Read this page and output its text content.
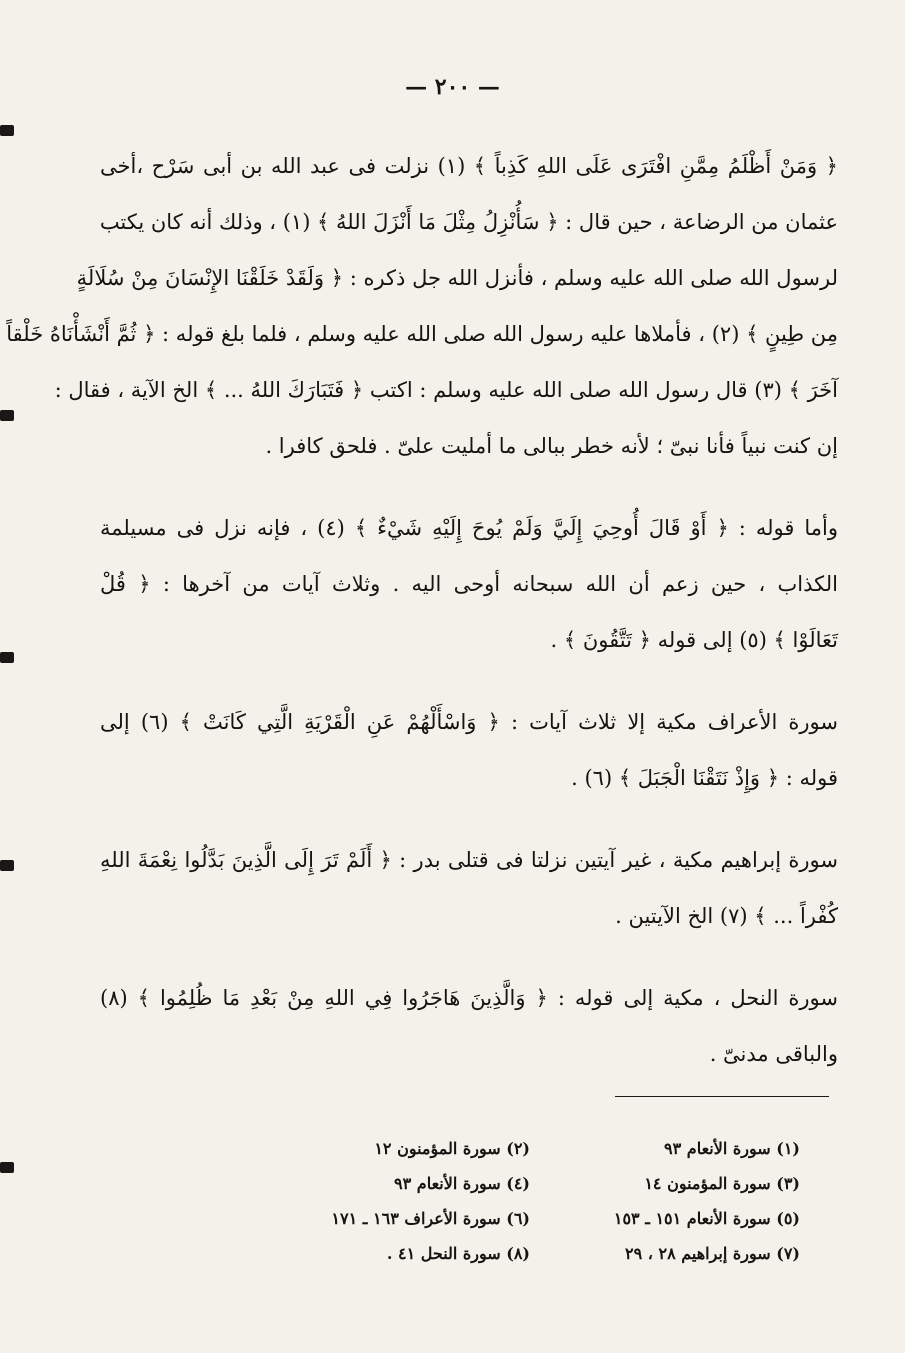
— ٢٠٠ —
﴿ وَمَنْ أَظْلَمُ مِمَّنِ افْتَرَى عَلَى اللهِ كَذِباً ﴾ (١) نزلت فى عبد الله بن أبى سَرْح ،أخى
عثمان من الرضاعة ، حين قال : ﴿ سَأُنْزِلُ مِثْلَ مَا أَنْزَلَ اللهُ ﴾ (١) ، وذلك أنه كان يكتب
لرسول الله صلى الله عليه وسلم ، فأنزل الله جل ذكره : ﴿ وَلَقَدْ خَلَقْنَا الإِنْسَانَ مِنْ سُلَالَةٍ
مِن طِينٍ ﴾ (٢) ، فأملاها عليه رسول الله صلى الله عليه وسلم ، فلما بلغ قوله : ﴿ ثُمَّ أَنْشَأْنَاهُ خَلْقاً
آخَرَ ﴾ (٣) قال رسول الله صلى الله عليه وسلم : اكتب ﴿ فَتَبَارَكَ اللهُ ... ﴾ الخ الآية ، فقال :
إن كنت نبياً فأنا نبىّ ؛ لأنه خطر ببالى ما أمليت علىّ . فلحق كافرا .
وأما قوله : ﴿ أَوْ قَالَ أُوحِيَ إِلَيَّ وَلَمْ يُوحَ إِلَيْهِ شَيْءٌ ﴾ (٤) ، فإنه نزل فى مسيلمة
الكذاب ، حين زعم أن الله سبحانه أوحى اليه . وثلاث آيات من آخرها : ﴿ قُلْ
تَعَالَوْا ﴾ (٥) إلى قوله ﴿ تَتَّقُونَ ﴾ .
سورة الأعراف مكية إلا ثلاث آيات : ﴿ وَاسْأَلْهُمْ عَنِ الْقَرْيَةِ الَّتِي كَانَتْ ﴾ (٦) إلى
قوله : ﴿ وَإِذْ نَتَقْنَا الْجَبَلَ ﴾ (٦) .
سورة إبراهيم مكية ، غير آيتين نزلتا فى قتلى بدر : ﴿ أَلَمْ تَرَ إِلَى الَّذِينَ بَدَّلُوا نِعْمَةَ اللهِ
كُفْراً ... ﴾ (٧) الخ الآيتين .
سورة النحل ، مكية إلى قوله : ﴿ وَالَّذِينَ هَاجَرُوا فِي اللهِ مِنْ بَعْدِ مَا ظُلِمُوا ﴾ (٨)
والباقى مدنىّ .
(١) سورة الأنعام ٩٣
(٢) سورة المؤمنون ١٢
(٣) سورة المؤمنون ١٤
(٤) سورة الأنعام ٩٣
(٥) سورة الأنعام ١٥١ ـ ١٥٣
(٦) سورة الأعراف ١٦٣ ـ ١٧١
(٧) سورة إبراهيم ٢٨ ، ٢٩
(٨) سورة النحل ٤١ .
